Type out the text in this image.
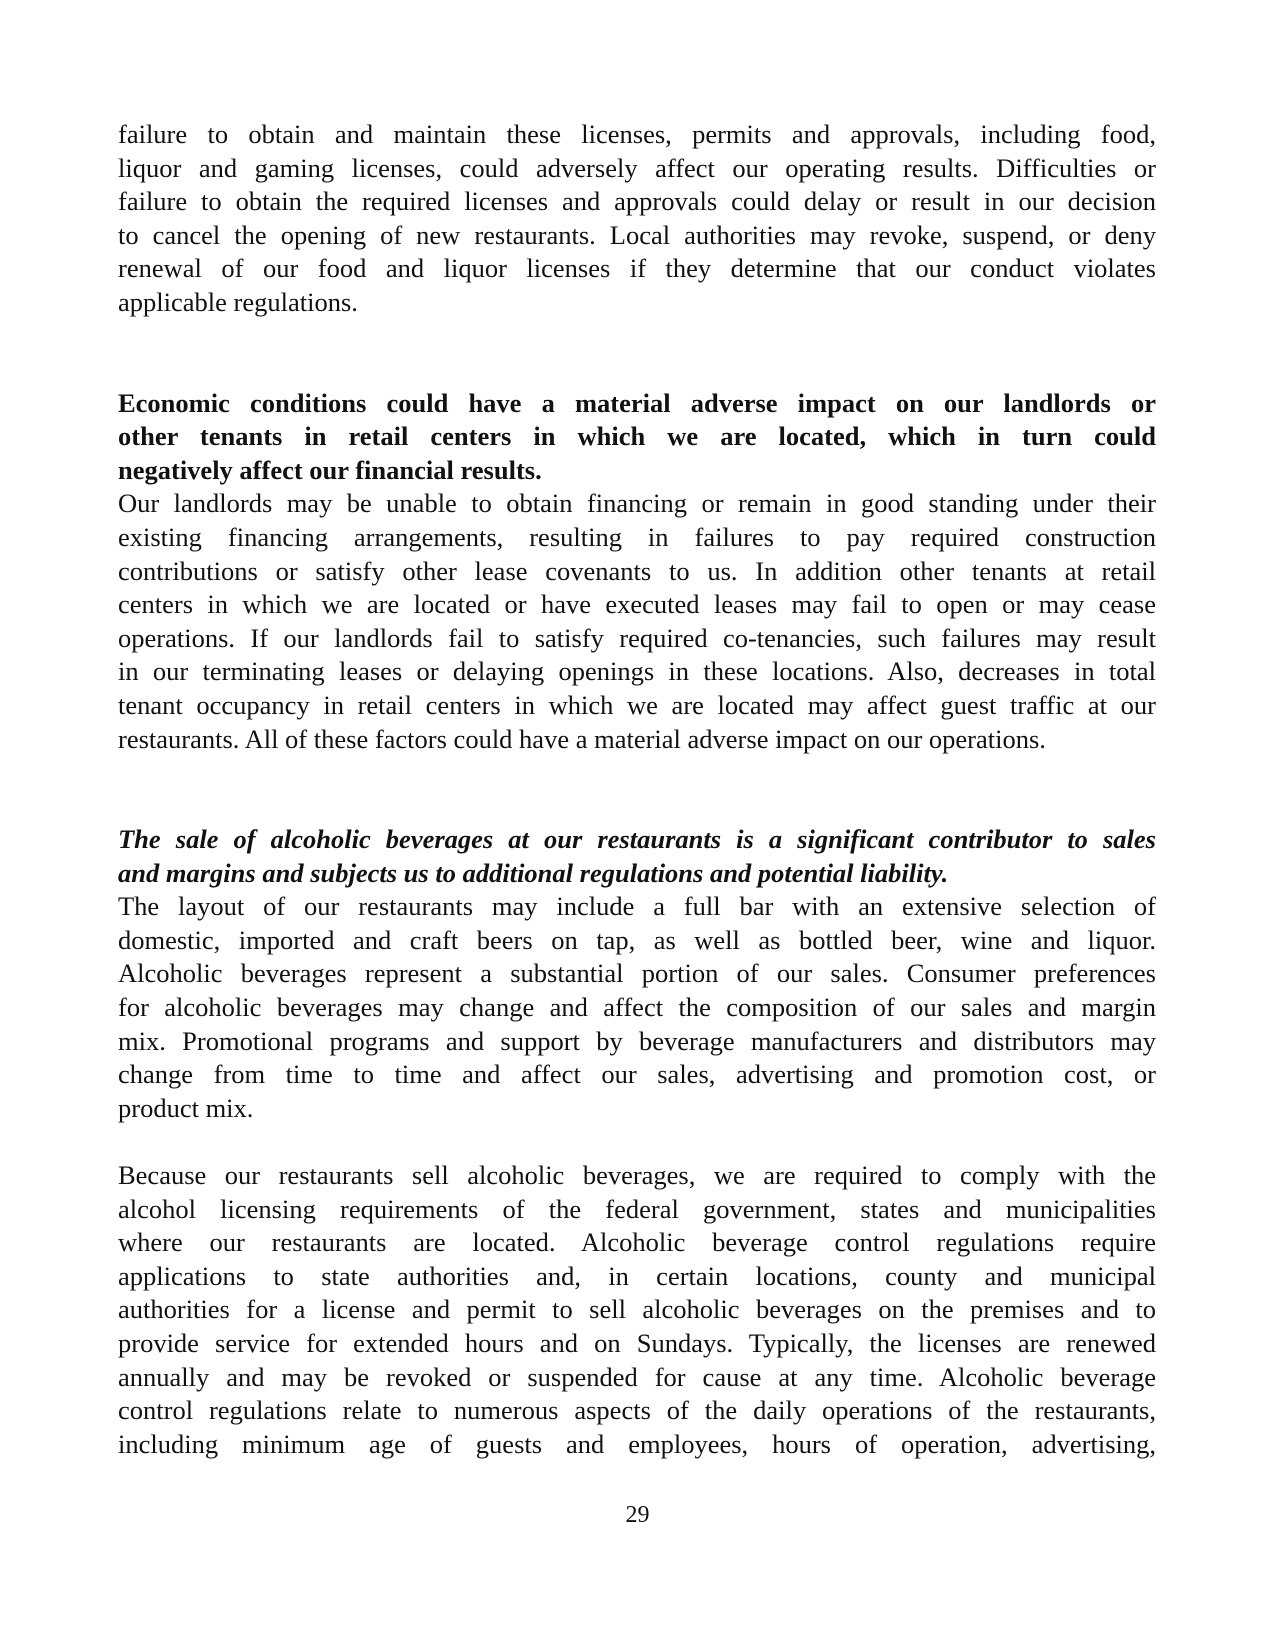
failure to obtain and maintain these licenses, permits and approvals, including food,
liquor and gaming licenses, could adversely affect our operating results. Difficulties or
failure to obtain the required licenses and approvals could delay or result in our decision
to cancel the opening of new restaurants. Local authorities may revoke, suspend, or deny
renewal of our food and liquor licenses if they determine that our conduct violates
applicable regulations.
Economic conditions could have a material adverse impact on our landlords or
other tenants in retail centers in which we are located, which in turn could
negatively affect our financial results.
Our landlords may be unable to obtain financing or remain in good standing under their
existing financing arrangements, resulting in failures to pay required construction
contributions or satisfy other lease covenants to us. In addition other tenants at retail
centers in which we are located or have executed leases may fail to open or may cease
operations. If our landlords fail to satisfy required co-tenancies, such failures may result
in our terminating leases or delaying openings in these locations. Also, decreases in total
tenant occupancy in retail centers in which we are located may affect guest traffic at our
restaurants. All of these factors could have a material adverse impact on our operations.
The sale of alcoholic beverages at our restaurants is a significant contributor to sales
and margins and subjects us to additional regulations and potential liability.
The layout of our restaurants may include a full bar with an extensive selection of
domestic, imported and craft beers on tap, as well as bottled beer, wine and liquor.
Alcoholic beverages represent a substantial portion of our sales. Consumer preferences
for alcoholic beverages may change and affect the composition of our sales and margin
mix. Promotional programs and support by beverage manufacturers and distributors may
change from time to time and affect our sales, advertising and promotion cost, or
product mix.
Because our restaurants sell alcoholic beverages, we are required to comply with the
alcohol licensing requirements of the federal government, states and municipalities
where our restaurants are located. Alcoholic beverage control regulations require
applications to state authorities and, in certain locations, county and municipal
authorities for a license and permit to sell alcoholic beverages on the premises and to
provide service for extended hours and on Sundays. Typically, the licenses are renewed
annually and may be revoked or suspended for cause at any time. Alcoholic beverage
control regulations relate to numerous aspects of the daily operations of the restaurants,
including minimum age of guests and employees, hours of operation, advertising,
29
